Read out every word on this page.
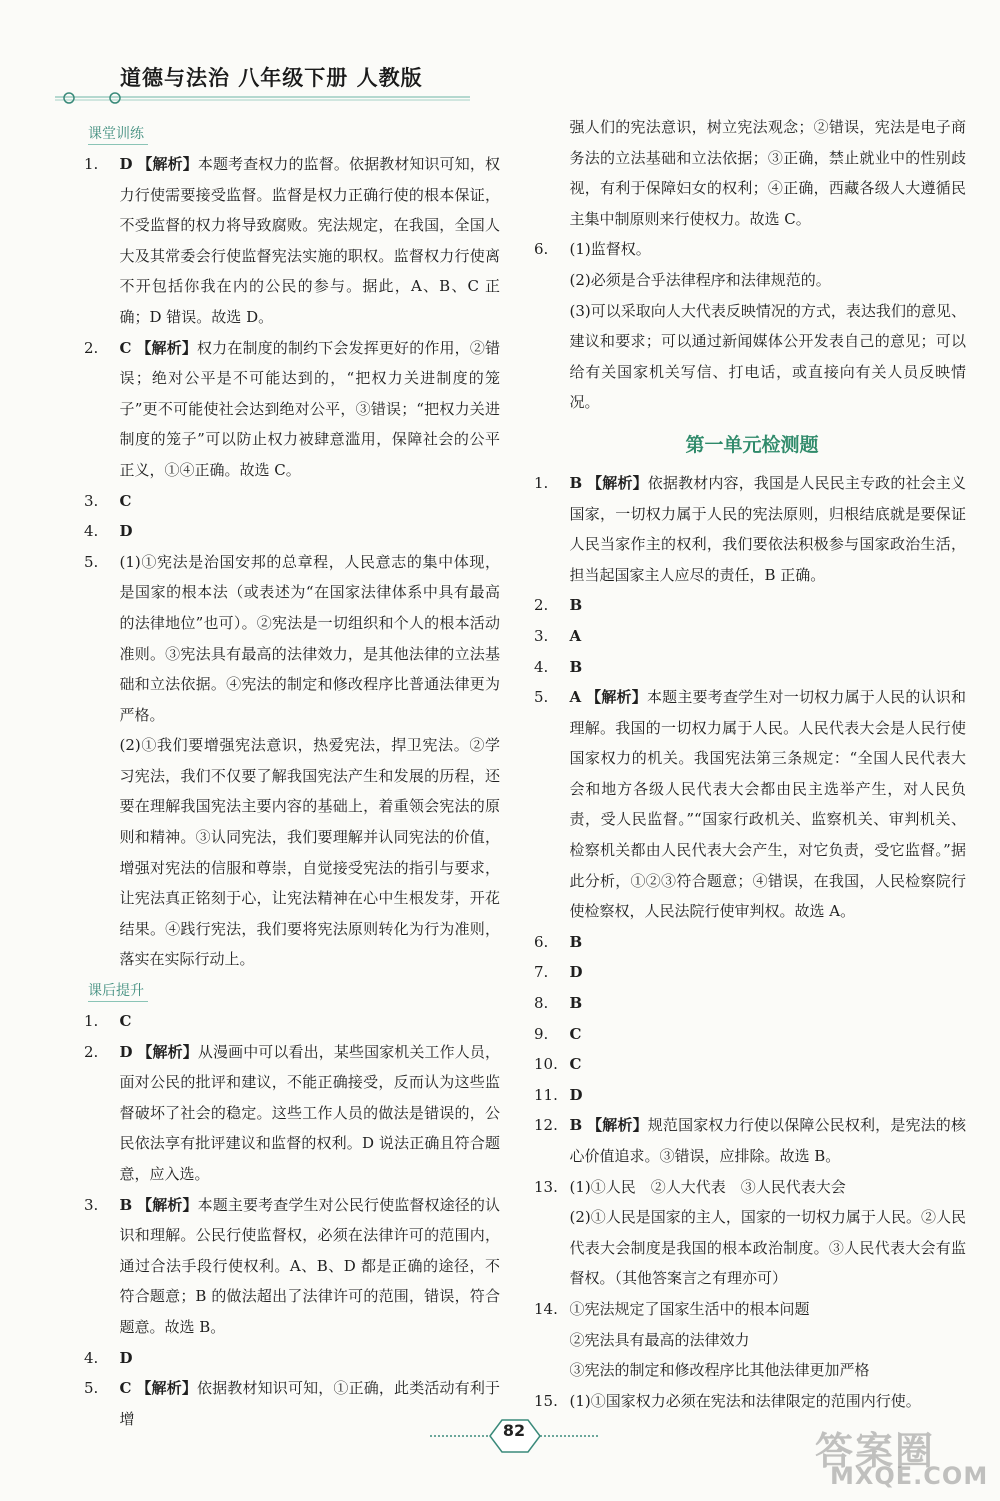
道德与法治 八年级下册 人教版
课堂训练
1. D 【解析】本题考查权力的监督。依据教材知识可知，权力行使需要接受监督。监督是权力正确行使的根本保证，不受监督的权力将导致腐败。宪法规定，在我国，全国人大及其常委会行使监督宪法实施的职权。监督权力行使离不开包括你我在内的公民的参与。据此，A、B、C 正确；D 错误。故选 D。
2. C 【解析】权力在制度的制约下会发挥更好的作用，②错误；绝对公平是不可能达到的，“把权力关进制度的笼子”更不可能使社会达到绝对公平，③错误；“把权力关进制度的笼子”可以防止权力被肆意滥用，保障社会的公平正义，①④正确。故选 C。
3. C
4. D
5. (1)①宪法是治国安邦的总章程，人民意志的集中体现，是国家的根本法（或表述为“在国家法律体系中具有最高的法律地位”也可）。②宪法是一切组织和个人的根本活动准则。③宪法具有最高的法律效力，是其他法律的立法基础和立法依据。④宪法的制定和修改程序比普通法律更为严格。
(2)①我们要增强宪法意识，热爱宪法，捍卫宪法。②学习宪法，我们不仅要了解我国宪法产生和发展的历程，还要在理解我国宪法主要内容的基础上，着重领会宪法的原则和精神。③认同宪法，我们要理解并认同宪法的价值，增强对宪法的信服和尊崇，自觉接受宪法的指引与要求，让宪法真正铭刻于心，让宪法精神在心中生根发芽，开花结果。④践行宪法，我们要将宪法原则转化为行为准则，落实在实际行动上。
课后提升
1. C
2. D 【解析】从漫画中可以看出，某些国家机关工作人员，面对公民的批评和建议，不能正确接受，反而认为这些监督破坏了社会的稳定。这些工作人员的做法是错误的，公民依法享有批评建议和监督的权利。D 说法正确且符合题意，应入选。
3. B 【解析】本题主要考查学生对公民行使监督权途径的认识和理解。公民行使监督权，必须在法律许可的范围内，通过合法手段行使权利。A、B、D 都是正确的途径，不符合题意；B 的做法超出了法律许可的范围，错误，符合题意。故选 B。
4. D
5. C 【解析】依据教材知识可知，①正确，此类活动有利于增
强人们的宪法意识，树立宪法观念；②错误，宪法是电子商务法的立法基础和立法依据；③正确，禁止就业中的性别歧视，有利于保障妇女的权利；④正确，西藏各级人大遵循民主集中制原则来行使权力。故选 C。
6. (1)监督权。
(2)必须是合乎法律程序和法律规范的。
(3)可以采取向人大代表反映情况的方式，表达我们的意见、建议和要求；可以通过新闻媒体公开发表自己的意见；可以给有关国家机关写信、打电话，或直接向有关人员反映情况。
第一单元检测题
1. B 【解析】依据教材内容，我国是人民民主专政的社会主义国家，一切权力属于人民的宪法原则，归根结底就是要保证人民当家作主的权利，我们要依法积极参与国家政治生活，担当起国家主人应尽的责任，B 正确。
2. B
3. A
4. B
5. A 【解析】本题主要考查学生对一切权力属于人民的认识和理解。我国的一切权力属于人民。人民代表大会是人民行使国家权力的机关。我国宪法第三条规定：“全国人民代表大会和地方各级人民代表大会都由民主选举产生，对人民负责，受人民监督。”“国家行政机关、监察机关、审判机关、检察机关都由人民代表大会产生，对它负责，受它监督。”据此分析，①②③符合题意；④错误，在我国，人民检察院行使检察权，人民法院行使审判权。故选 A。
6. B
7. D
8. B
9. C
10. C
11. D
12. B 【解析】规范国家权力行使以保障公民权利，是宪法的核心价值追求。③错误，应排除。故选 B。
13. (1)①人民　②人大代表　③人民代表大会
(2)①人民是国家的主人，国家的一切权力属于人民。②人民代表大会制度是我国的根本政治制度。③人民代表大会有监督权。（其他答案言之有理亦可）
14. ①宪法规定了国家生活中的根本问题
②宪法具有最高的法律效力
③宪法的制定和修改程序比其他法律更加严格
15. (1)①国家权力必须在宪法和法律限定的范围内行使。
82	答案圈
MXQE.COM
